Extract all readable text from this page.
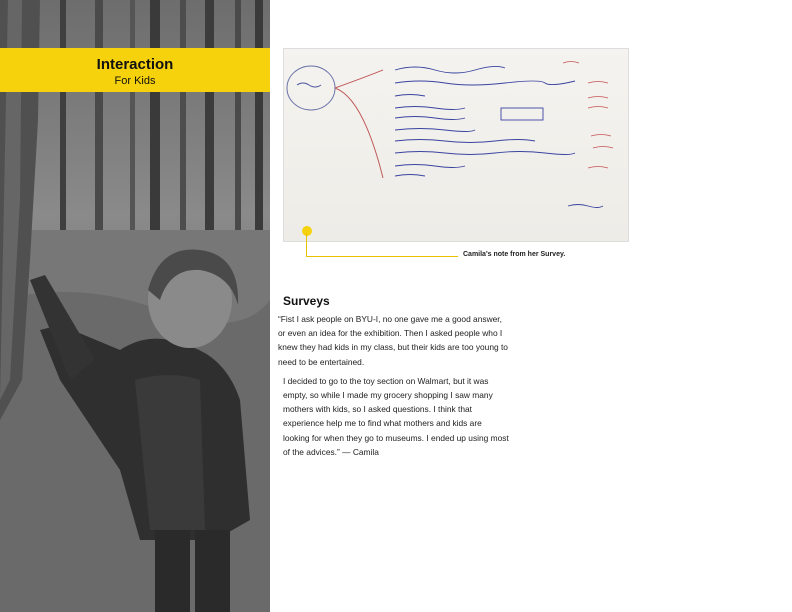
Interaction
For Kids
Camila's note from her Survey.
Surveys

“Fist I ask people on BYU-I, no one gave me a good answer, or even an idea for the exhibition. Then I asked people who I knew they had kids in my class, but their kids are too young to need to be entertained.

I decided to go to the toy section on Walmart, but it was empty, so while I made my grocery shopping I saw many mothers with kids, so I asked questions. I think that experience help me to find what mothers and kids are looking for when they go to museums. I ended up using most of the advices.” — Camila
